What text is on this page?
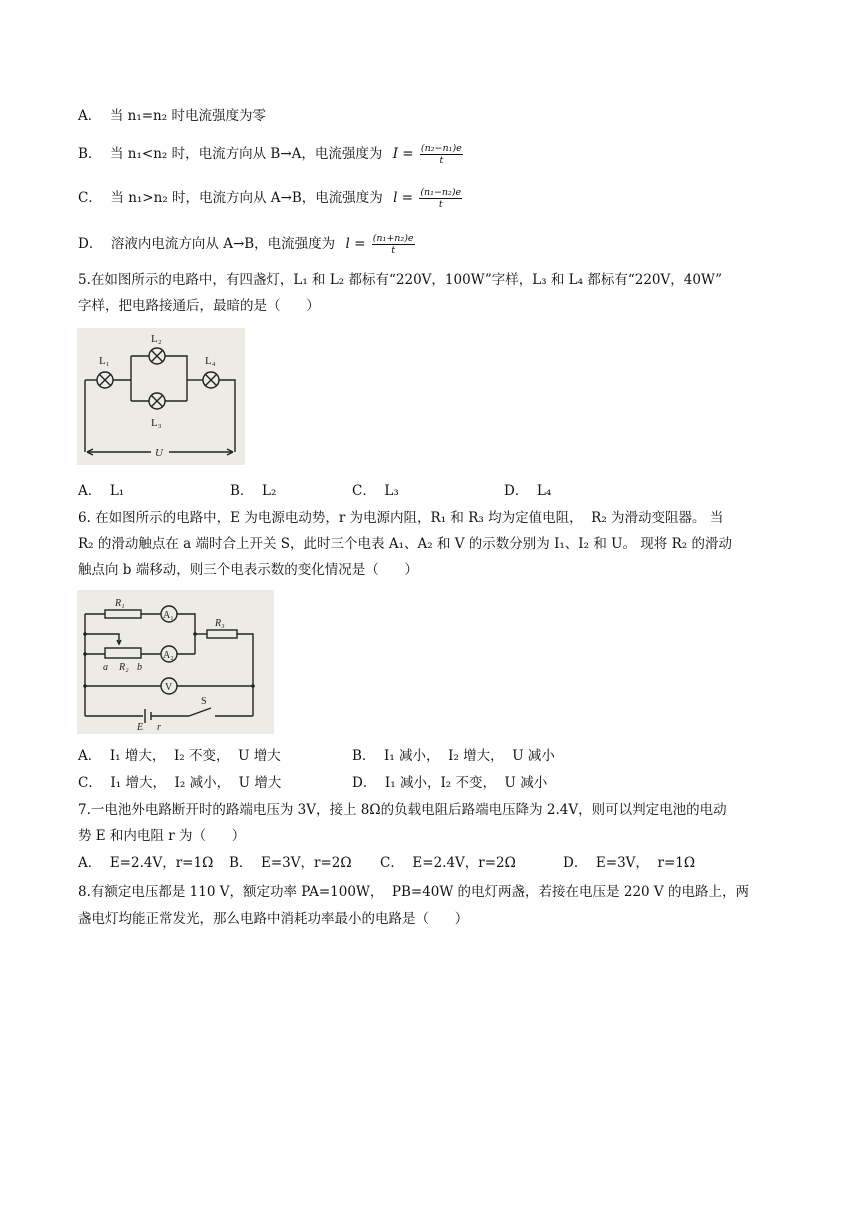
A．  当 n₁=n₂ 时电流强度为零
B．  当 n₁<n₂ 时，电流方向从 B→A，电流强度为 $I = \frac{\text{(n₂−n₁)e}}{t}$
C．  当 n₁>n₂ 时，电流方向从 A→B，电流强度为 $l = \frac{\text{(n₁−n₂)e}}{t}$
D．  溶液内电流方向从 A→B，电流强度为 $l = \frac{\text{(n₁+n₂)e}}{t}$
5.在如图所示的电路中，有四盏灯，L₁ 和 L₂ 都标有“220V，100W”字样，L₃ 和 L₄ 都标有“220V，40W”
字样，把电路接通后，最暗的是（      ）
L₁
L₂
L₃
L₄
U
A．  L₁	B．  L₂	C．  L₃	D．  L₄
6. 在如图所示的电路中，E 为电源电动势，r 为电源内阻，R₁ 和 R₃ 均为定值电阻，  R₂ 为滑动变阻器。 当
R₂ 的滑动触点在 a 端时合上开关 S，此时三个电表 A₁、A₂ 和 V 的示数分别为 I₁、I₂ 和 U。 现将 R₂ 的滑动
触点向 b 端移动，则三个电表示数的变化情况是（      ）
R₁
A₁
R₃
a R₂ b
A₂
V
E r
S
A．  I₁ 增大，  I₂ 不变，  U 增大	B．  I₁ 减小，  I₂ 增大，  U 减小
C．  I₁ 增大，  I₂ 减小，  U 增大	D．  I₁ 减小，I₂ 不变，  U 减小
7.一电池外电路断开时的路端电压为 3V，接上 8Ω的负载电阻后路端电压降为 2.4V，则可以判定电池的电动
势 E 和内电阻 r 为（      ）
A．  E=2.4V，r=1Ω B．  E=3V，r=2Ω C．  E=2.4V，r=2Ω	D．  E=3V，  r=1Ω
8.有额定电压都是 110 V，额定功率 PA=100W，  PB=40W 的电灯两盏，若接在电压是 220 V 的电路上，两
盏电灯均能正常发光，那么电路中消耗功率最小的电路是（      ）
